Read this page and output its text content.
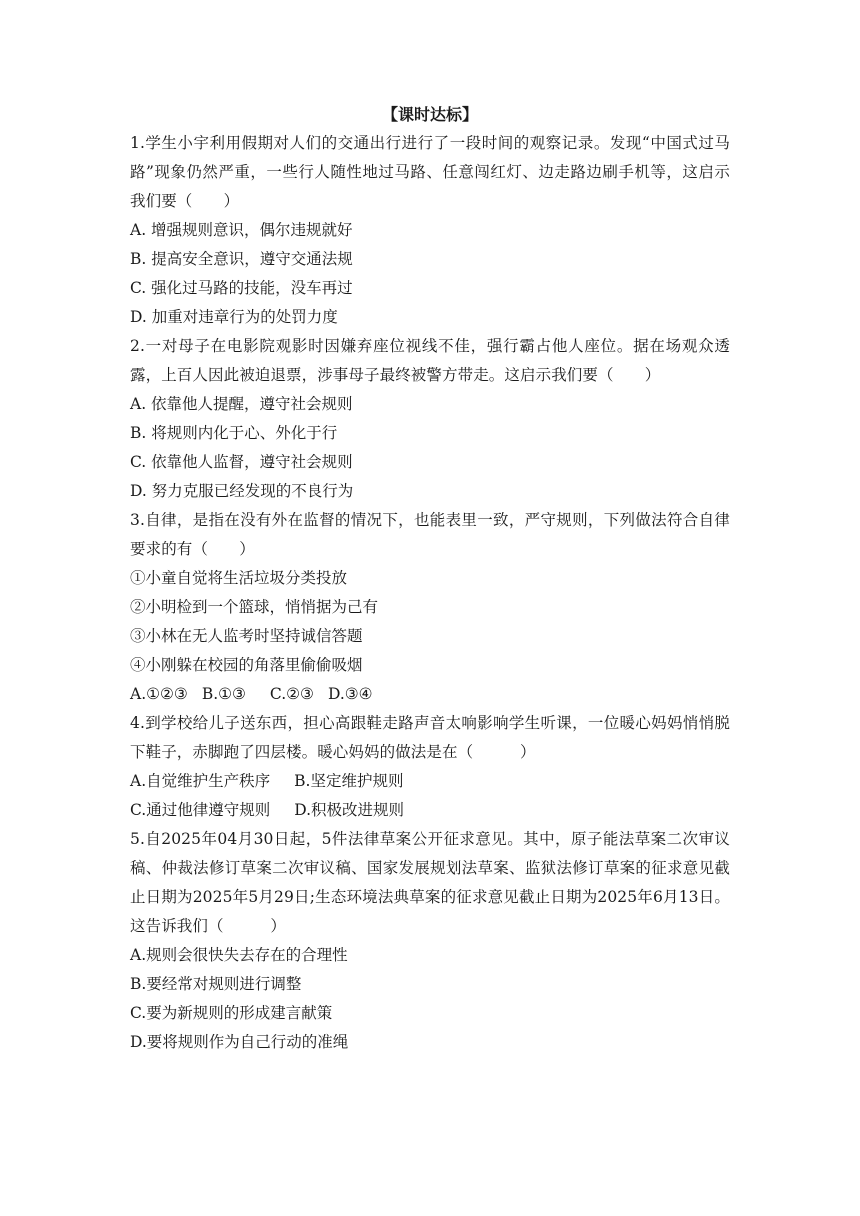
【课时达标】
1.学生小宇利用假期对人们的交通出行进行了一段时间的观察记录。发现“中国式过马路”现象仍然严重，一些行人随性地过马路、任意闯红灯、边走路边刷手机等，这启示我们要（　　）
A. 增强规则意识，偶尔违规就好
B. 提高安全意识，遵守交通法规
C. 强化过马路的技能，没车再过
D. 加重对违章行为的处罚力度
2.一对母子在电影院观影时因嫌弃座位视线不佳，强行霸占他人座位。据在场观众透露，上百人因此被迫退票，涉事母子最终被警方带走。这启示我们要（　　）
A. 依靠他人提醒，遵守社会规则
B. 将规则内化于心、外化于行
C. 依靠他人监督，遵守社会规则
D. 努力克服已经发现的不良行为
3.自律，是指在没有外在监督的情况下，也能表里一致，严守规则，下列做法符合自律要求的有（　　）
①小童自觉将生活垃圾分类投放
②小明检到一个篮球，悄悄据为己有
③小林在无人监考时坚持诚信答题
④小刚躲在校园的角落里偷偷吸烟
A.①②③ B.①③ C.②③ D.③④
4.到学校给儿子送东西，担心高跟鞋走路声音太响影响学生听课，一位暖心妈妈悄悄脱下鞋子，赤脚跑了四层楼。暖心妈妈的做法是在（　　　）
A.自觉维护生产秩序 B.坚定维护规则
C.通过他律遵守规则 D.积极改进规则
5.自2025年04月30日起，5件法律草案公开征求意见。其中，原子能法草案二次审议稿、仲裁法修订草案二次审议稿、国家发展规划法草案、监狱法修订草案的征求意见截止日期为2025年5月29日;生态环境法典草案的征求意见截止日期为2025年6月13日。这告诉我们（　　　）
A.规则会很快失去存在的合理性
B.要经常对规则进行调整
C.要为新规则的形成建言献策
D.要将规则作为自己行动的准绳
